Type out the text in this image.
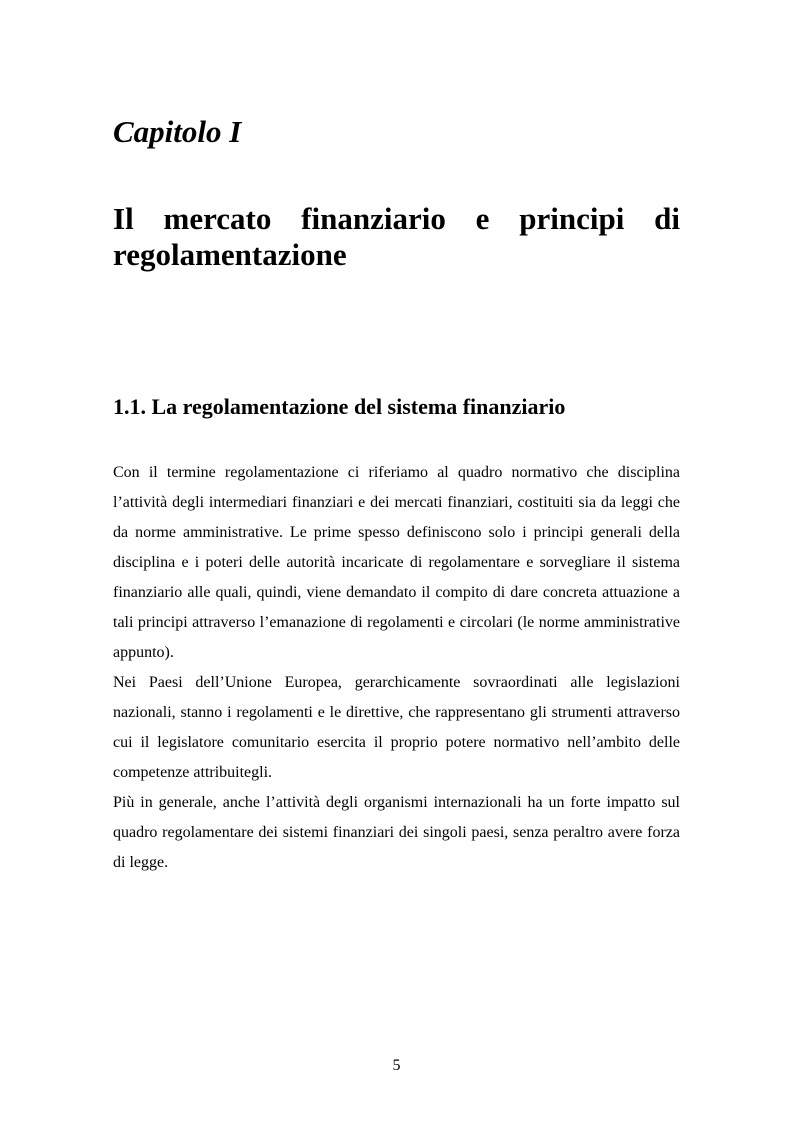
Capitolo I
Il mercato finanziario e principi di regolamentazione
1.1. La regolamentazione del sistema finanziario

Con il termine regolamentazione ci riferiamo al quadro normativo che disciplina l’attività degli intermediari finanziari e dei mercati finanziari, costituiti sia da leggi che da norme amministrative. Le prime spesso definiscono solo i principi generali della disciplina e i poteri delle autorità incaricate di regolamentare e sorvegliare il sistema finanziario alle quali, quindi, viene demandato il compito di dare concreta attuazione a tali principi attraverso l’emanazione di regolamenti e circolari (le norme amministrative appunto).

Nei Paesi dell’Unione Europea, gerarchicamente sovraordinati alle legislazioni nazionali, stanno i regolamenti e le direttive, che rappresentano gli strumenti attraverso cui il legislatore comunitario esercita il proprio potere normativo nell’ambito delle competenze attribuitegli.

Più in generale, anche l’attività degli organismi internazionali ha un forte impatto sul quadro regolamentare dei sistemi finanziari dei singoli paesi, senza peraltro avere forza di legge.

5
